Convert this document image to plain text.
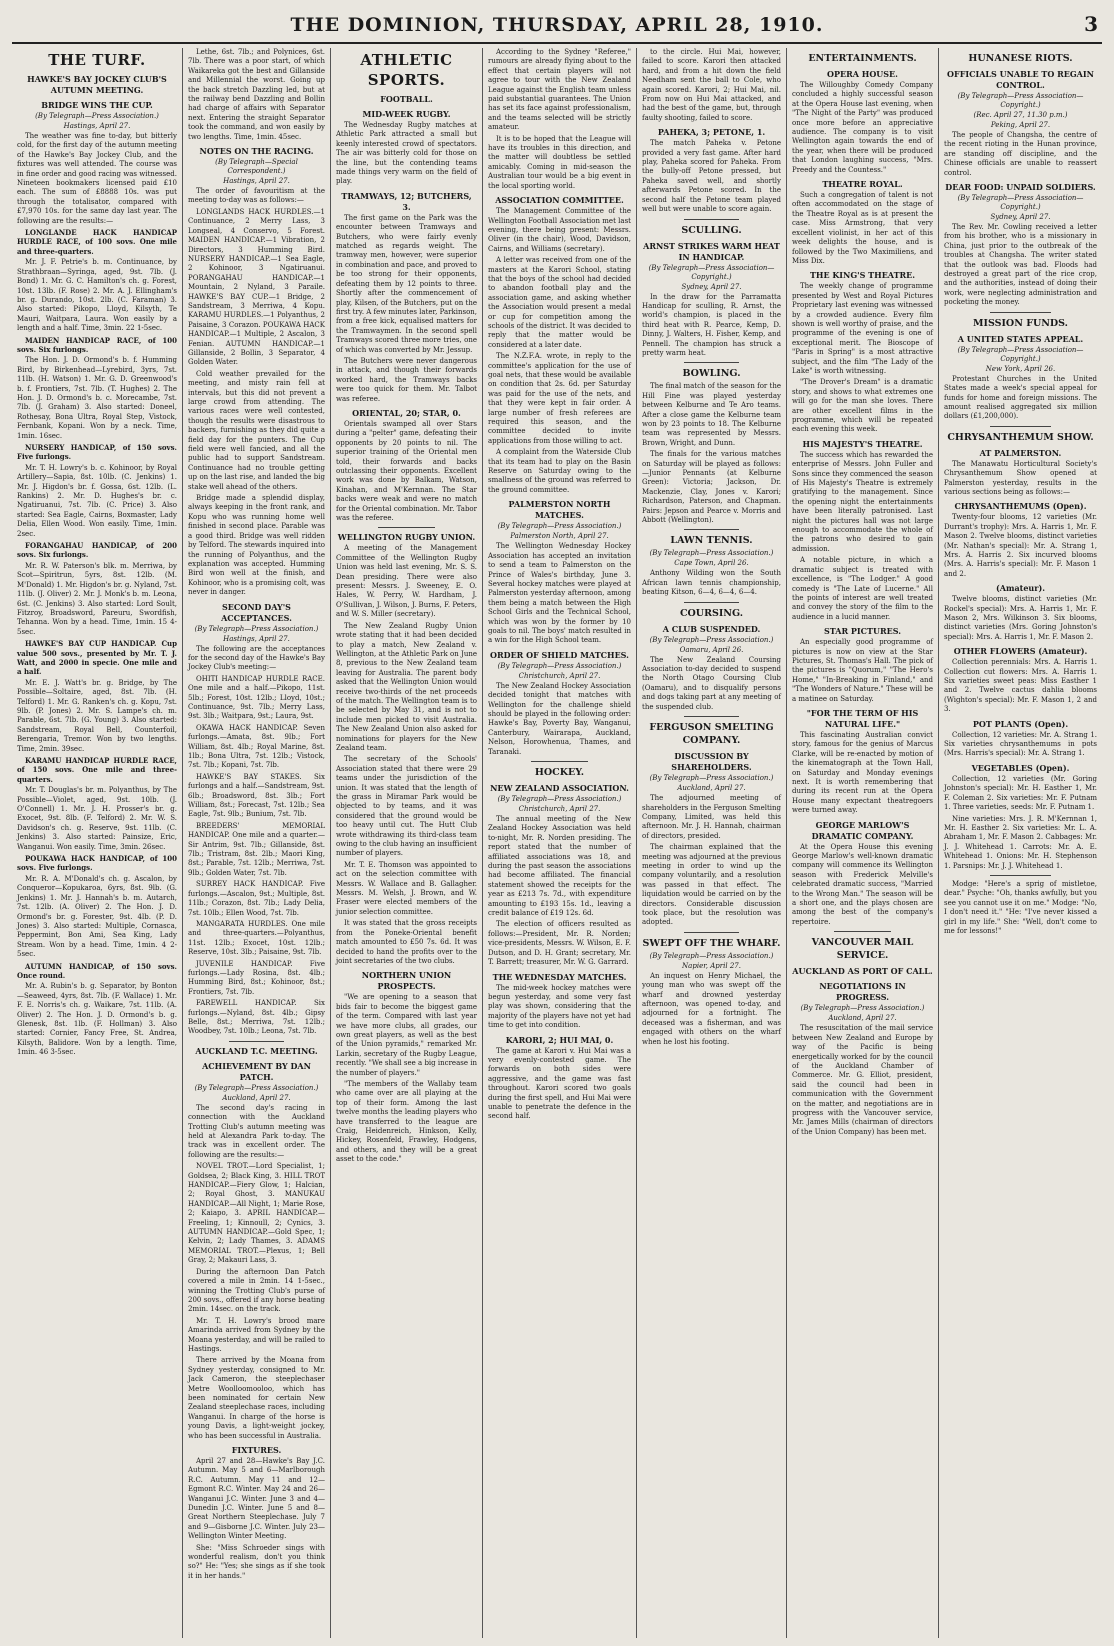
THE DOMINION, THURSDAY, APRIL 28, 1910.	3
THE TURF.
HAWKE'S BAY JOCKEY CLUB'S AUTUMN MEETING.
BRIDGE WINS THE CUP.
(By Telegraph—Press Association.)
Hastings, April 27.

The weather was fine to-day, but bitterly cold, for the first day of the autumn meeting of the Hawke's Bay Jockey Club, and the fixtures was well attended. The course was in fine order and good racing was witnessed. Nineteen bookmakers licensed paid £10 each. The sum of £8888 10s. was put through the totalisator, compared with £7,970 10s. for the same day last year. The following are the results:—

LONGLANDE HACK HANDICAP HURDLE RACE, of 100 sovs. One mile and three-quarters.

Mr. J. F. Petrie's b. m. Continuance, by Strathbraan—Syringa, aged, 9st. 7lb. (J. Bond) 1. Mr. G. C. Hamilton's ch. g. Forest, 10st. 13lb. (F. Rose) 2. Mr. A. J. Ellingham's br. g. Durando, 10st. 2lb. (C. Faraman) 3. Also started: Pikopo, Lloyd, Kilsyth, Te Mauri, Waitpara, Laura. Won easily by a length and a half. Time, 3min. 22 1-5sec.

MAIDEN HANDICAP RACE, of 100 sovs. Six furlongs.

The Hon. J. D. Ormond's b. f. Humming Bird, by Birkenhead—Lyrebird, 3yrs, 7st. 11lb. (H. Watson) 1. Mr. G. D. Greenwood's b. f. Frontiers, 7st. 7lb. (T. Hughes) 2. The Hon. J. D. Ormond's b. c. Morecambe, 7st. 7lb. (J. Graham) 3. Also started: Doneel, Rothesay, Bona Ultra, Royal Step, Vistock, Fernbank, Kopani. Won by a neck. Time, 1min. 16sec.

NURSERY HANDICAP, of 150 sovs. Five furlongs.

Mr. T. H. Lowry's b. c. Kohinoor, by Royal Artillery—Sapia, 8st. 10lb. (C. Jenkins) 1. Mr. J. Higdon's br. f. Gossa, 6st. 12lb. (L. Rankins) 2. Mr. D. Hughes's br. c. Ngatiruanui, 7st. 7lb. (C. Price) 3. Also started: Sea Eagle, Cairns, Boxmaster, Lady Delia, Ellen Wood. Won easily. Time, 1min. 2sec.

FORANGAHAU HANDICAP, of 200 sovs. Six furlongs.

Mr. R. W. Paterson's blk. m. Merriwa, by Scot—Spiritrun, 5yrs, 8st. 12lb. (M. M'Donald) 1. Mr. Higdon's br. g. Nyland, 7st. 11lb. (J. Oliver) 2. Mr. J. Monk's b. m. Leona, 6st. (C. Jenkins) 3. Also started: Lord Soult, Fitzroy, Broadsword, Pareuru, Swordfish, Tehanna. Won by a head. Time, 1min. 15 4-5sec.

HAWKE'S BAY CUP HANDICAP. Cup value 500 sovs., presented by Mr. T. J. Watt, and 2000 in specie. One mile and a half.

Mr. E. J. Watt's br. g. Bridge, by The Possible—Soltaire, aged, 8st. 7lb. (H. Telford) 1. Mr. G. Ranken's ch. g. Kopu, 7st. 9lb. (P. Jones) 2. Mr. S. Lampe's ch. m. Parable, 6st. 7lb. (G. Young) 3. Also started: Sandstream, Royal Bell, Counterfoil, Berengaria, Tremor. Won by two lengths. Time, 2min. 39sec.

KARAMU HANDICAP HURDLE RACE, of 150 sovs. One mile and three-quarters.

Mr. T. Douglas's br. m. Polyanthus, by The Possible—Violet, aged, 9st. 10lb. (J. O'Connell) 1. Mr. J. H. Prosser's br. g. Exocet, 9st. 8lb. (F. Telford) 2. Mr. W. S. Davidson's ch. g. Reserve, 9st. 11lb. (C. Jenkins) 3. Also started: Painsize, Eric, Wanganui. Won easily. Time, 3min. 26sec.

POUKAWA HACK HANDICAP, of 100 sovs. Five furlongs.

Mr. R. A. M'Donald's ch. g. Ascalon, by Conqueror—Kopukaroa, 6yrs, 8st. 9lb. (G. Jenkins) 1. Mr. J. Hannah's b. m. Autarch, 7st. 12lb. (A. Oliver) 2. The Hon. J. D. Ormond's br. g. Forester, 9st. 4lb. (P. D. Jones) 3. Also started: Multiple, Cornasca, Peppermint, Bon Ami, Sea King, Lady Stream. Won by a head. Time, 1min. 4 2-5sec.

AUTUMN HANDICAP, of 150 sovs. Once round.

Mr. A. Rubin's b. g. Separator, by Bonton—Seaweed, 4yrs, 8st. 7lb. (F. Wallace) 1. Mr. F. E. Norris's ch. g. Waikare, 7st. 11lb. (A. Oliver) 2. The Hon. J. D. Ormond's b. g. Glenesk, 8st. 1lb. (F. Hollman) 3. Also started: Cornier, Fancy Free, St. Andrea, Kilsyth, Balidore. Won by a length. Time, 1min. 46 3-5sec.

Lethe, 6st. 7lb.; and Polynices, 6st. 7lb. There was a poor start, of which Waikareka got the best and Gillanside and Millennial the worst. Going up the back stretch Dazzling led, but at the railway bend Dazzling and Bollin had charge of affairs with Separator next. Entering the straight Separator took the command, and won easily by two lengths. Time, 1min. 45sec.

NOTES ON THE RACING.
(By Telegraph—Special Correspondent.)
Hastings, April 27.

The order of favouritism at the meeting to-day was as follows:—

LONGLANDS HACK HURDLES.—1 Continuance, 2 Merry Lass, 3 Longseal, 4 Conservo, 5 Forest. MAIDEN HANDICAP.—1 Vibration, 2 Directors, 3 Humming Bird. NURSERY HANDICAP.—1 Sea Eagle, 2 Kohinoor, 3 Ngatiruanui. PORANGAHAU HANDICAP.—1 Mountain, 2 Nyland, 3 Paraile. HAWKE'S BAY CUP.—1 Bridge, 2 Sandstream, 3 Merriwa, 4 Kopu. KARAMU HURDLES.—1 Polyanthus, 2 Paisaine, 3 Corazon. POUKAWA HACK HANDICAP.—1 Multiple, 2 Ascalon, 3 Fenian. AUTUMN HANDICAP.—1 Gillanside, 2 Bollin, 3 Separator, 4 Golden Water.

Cold weather prevailed for the meeting, and misty rain fell at intervals, but this did not prevent a large crowd from attending. The various races were well contested, though the results were disastrous to backers, furnishing as they did quite a field day for the punters. The Cup field were well fancied, and all the public had to support Sandstream. Continuance had no trouble getting up on the last rise, and landed the big stake well ahead of the others.

Bridge made a splendid display, always keeping in the front rank, and Kopu who was running home well finished in second place. Parable was a good third. Bridge was well ridden by Telford. The stewards inquired into the running of Polyanthus, and the explanation was accepted. Humming Bird won well at the finish, and Kohinoor, who is a promising colt, was never in danger.

SECOND DAY'S ACCEPTANCES.
(By Telegraph—Press Association.)
Hastings, April 27.

The following are the acceptances for the second day of the Hawke's Bay Jockey Club's meeting:—

OHITI HANDICAP HURDLE RACE. One mile and a half.—Pikopo, 11st. 5lb.; Forest, 10st. 12lb.; Lloyd, 10st.; Continuance, 9st. 7lb.; Merry Lass, 9st. 3lb.; Waitpara, 9st.; Laura, 9st.

OKAWA HACK HANDICAP. Seven furlongs.—Amata, 8st. 9lb.; Fort William, 8st. 4lb.; Royal Marine, 8st. 1lb.; Bona Ultra, 7st. 12lb.; Vistock, 7st. 7lb.; Kopani, 7st. 7lb.

HAWKE'S BAY STAKES. Six furlongs and a half.—Sandstream, 9st. 6lb.; Broadsword, 8st. 3lb.; Fort William, 8st.; Forecast, 7st. 12lb.; Sea Eagle, 7st. 9lb.; Bunium, 7st. 7lb.

BREEDERS' MEMORIAL HANDICAP. One mile and a quarter.—Sir Antrim, 9st. 7lb.; Gillanside, 8st. 7lb.; Tristram, 8st. 2lb.; Maori King, 8st.; Parable, 7st. 12lb.; Merriwa, 7st. 9lb.; Golden Water, 7st. 7lb.

SURREY HACK HANDICAP. Five furlongs.—Ascalon, 9st.; Multiple, 8st. 11lb.; Corazon, 8st. 7lb.; Lady Delia, 7st. 10lb.; Ellen Wood, 7st. 7lb.

MANGARATA HURDLES. One mile and three-quarters.—Polyanthus, 11st. 12lb.; Exocet, 10st. 12lb.; Reserve, 10st. 3lb.; Paisaine, 9st. 7lb.

JUVENILE HANDICAP. Five furlongs.—Lady Rosina, 8st. 4lb.; Humming Bird, 8st.; Kohinoor, 8st.; Frontiers, 7st. 7lb.

FAREWELL HANDICAP. Six furlongs.—Nyland, 8st. 4lb.; Gipsy Belle, 8st.; Merriwa, 7st. 12lb.; Woodbey, 7st. 10lb.; Leona, 7st. 7lb.

AUCKLAND T.C. MEETING.
ACHIEVEMENT BY DAN PATCH.
(By Telegraph—Press Association.)
Auckland, April 27.

The second day's racing in connection with the Auckland Trotting Club's autumn meeting was held at Alexandra Park to-day. The track was in excellent order. The following are the results:—

NOVEL TROT.—Lord Specialist, 1; Goldsea, 2; Black King, 3. HILL TROT HANDICAP.—Fiery Glow, 1; Halcian, 2; Royal Ghost, 3. MANUKAU HANDICAP.—All Night, 1; Marie Rose, 2; Kaiapo, 3. APRIL HANDICAP.—Freeling, 1; Kinnoull, 2; Cynics, 3. AUTUMN HANDICAP.—Gold Spec, 1; Kelvin, 2; Lady Thames, 3. ADAMS MEMORIAL TROT.—Plexus, 1; Bell Gray, 2; Makauri Lass, 3.

During the afternoon Dan Patch covered a mile in 2min. 14 1-5sec., winning the Trotting Club's purse of 200 sovs., offered if any horse beating 2min. 14sec. on the track.

Mr. T. H. Lowry's brood mare Amarinda arrived from Sydney by the Moana yesterday, and will be railed to Hastings.

There arrived by the Moana from Sydney yesterday, consigned to Mr. Jack Cameron, the steeplechaser Metre Woolloomooloo, which has been nominated for certain New Zealand steeplechase races, including Wanganui. In charge of the horse is young Davis, a light-weight jockey, who has been successful in Australia.

FIXTURES.

April 27 and 28—Hawke's Bay J.C. Autumn. May 5 and 6—Marlborough R.C. Autumn. May 11 and 12—Egmont R.C. Winter. May 24 and 26—Wanganui J.C. Winter. June 3 and 4—Dunedin J.C. Winter. June 5 and 8—Great Northern Steeplechase. July 7 and 9—Gisborne J.C. Winter. July 23—Wellington Winter Meeting.

She: "Miss Schroeder sings with wonderful realism, don't you think so?" He: "Yes; she sings as if she took it in her hands."

ATHLETIC SPORTS.
FOOTBALL.
MID-WEEK RUGBY.

The Wednesday Rugby matches at Athletic Park attracted a small but keenly interested crowd of spectators. The air was bitterly cold for those on the line, but the contending teams made things very warm on the field of play.

TRAMWAYS, 12; BUTCHERS, 3.

The first game on the Park was the encounter between Tramways and Butchers, who were fairly evenly matched as regards weight. The tramway men, however, were superior in combination and pace, and proved to be too strong for their opponents, defeating them by 12 points to three. Shortly after the commencement of play, Kilsen, of the Butchers, put on the first try. A few minutes later, Parkinson, from a free kick, equalised matters for the Tramwaymen. In the second spell Tramways scored three more tries, one of which was converted by Mr. Jessup.

The Butchers were never dangerous in attack, and though their forwards worked hard, the Tramways backs were too quick for them. Mr. Talbot was referee.

ORIENTAL, 20; STAR, 0.

Orientals swamped all over Stars during a "pelter" game, defeating their opponents by 20 points to nil. The superior training of the Oriental men told, their forwards and backs outclassing their opponents. Excellent work was done by Balkam, Watson, Kinahan, and M'Kernnan. The Star backs were weak and were no match for the Oriental combination. Mr. Tabor was the referee.

WELLINGTON RUGBY UNION.

A meeting of the Management Committee of the Wellington Rugby Union was held last evening, Mr. S. S. Dean presiding. There were also present: Messrs. J. Sweeney, E. O. Hales, W. Perry, W. Hardham, J. O'Sullivan, J. Wilson, J. Burns, F. Peters, and W. S. Miller (secretary).

The New Zealand Rugby Union wrote stating that it had been decided to play a match, New Zealand v. Wellington, at the Athletic Park on June 8, previous to the New Zealand team leaving for Australia. The parent body asked that the Wellington Union would receive two-thirds of the net proceeds of the match. The Wellington team is to be selected by May 31, and is not to include men picked to visit Australia. The New Zealand Union also asked for nominations for players for the New Zealand team.

The secretary of the Schools' Association stated that there were 29 teams under the jurisdiction of the union. It was stated that the length of the grass in Miramar Park would be objected to by teams, and it was considered that the ground would be too heavy until cut. The Hutt Club wrote withdrawing its third-class team owing to the club having an insufficient number of players.

Mr. T. E. Thomson was appointed to act on the selection committee with Messrs. W. Wallace and B. Gallagher. Messrs. M. Welsh, J. Brown, and W. Fraser were elected members of the junior selection committee.

It was stated that the gross receipts from the Poneke-Oriental benefit match amounted to £50 7s. 6d. It was decided to hand the profits over to the joint secretaries of the two clubs.

NORTHERN UNION PROSPECTS.

"We are opening to a season that bids fair to become the biggest game of the term. Compared with last year we have more clubs, all grades, our own great players, as well as the best of the Union pyramids," remarked Mr. Larkin, secretary of the Rugby League, recently. "We shall see a big increase in the number of players."

"The members of the Wallaby team who came over are all playing at the top of their form. Among the last twelve months the leading players who have transferred to the league are Craig, Heidenreich, Hinkson, Kelly, Hickey, Rosenfeld, Frawley, Hodgens, and others, and they will be a great asset to the code."

According to the Sydney "Referee," rumours are already flying about to the effect that certain players will not agree to tour with the New Zealand League against the English team unless paid substantial guarantees. The Union has set its face against professionalism, and the teams selected will be strictly amateur.

It is to be hoped that the League will have its troubles in this direction, and the matter will doubtless be settled amicably. Coming in mid-season the Australian tour would be a big event in the local sporting world.

ASSOCIATION COMMITTEE.

The Management Committee of the Wellington Football Association met last evening, there being present: Messrs. Oliver (in the chair), Wood, Davidson, Cairns, and Williams (secretary).

A letter was received from one of the masters at the Karori School, stating that the boys of the school had decided to abandon football play and the association game, and asking whether the Association would present a medal or cup for competition among the schools of the district. It was decided to reply that the matter would be considered at a later date.

The N.Z.F.A. wrote, in reply to the committee's application for the use of goal nets, that these would be available on condition that 2s. 6d. per Saturday was paid for the use of the nets, and that they were kept in fair order. A large number of fresh referees are required this season, and the committee decided to invite applications from those willing to act.

A complaint from the Waterside Club that its team had to play on the Basin Reserve on Saturday owing to the smallness of the ground was referred to the ground committee.

PALMERSTON NORTH MATCHES.
(By Telegraph—Press Association.)
Palmerston North, April 27.

The Wellington Wednesday Hockey Association has accepted an invitation to send a team to Palmerston on the Prince of Wales's birthday, June 3. Several hockey matches were played at Palmerston yesterday afternoon, among them being a match between the High School Girls and the Technical School, which was won by the former by 10 goals to nil. The boys' match resulted in a win for the High School team.

ORDER OF SHIELD MATCHES.
(By Telegraph—Press Association.)
Christchurch, April 27.

The New Zealand Hockey Association decided tonight that matches with Wellington for the challenge shield should be played in the following order: Hawke's Bay, Poverty Bay, Wanganui, Canterbury, Wairarapa, Auckland, Nelson, Horowhenua, Thames, and Taranaki.

HOCKEY.
NEW ZEALAND ASSOCIATION.
(By Telegraph—Press Association.)
Christchurch, April 27.

The annual meeting of the New Zealand Hockey Association was held to-night, Mr. R. Norden presiding. The report stated that the number of affiliated associations was 18, and during the past season the associations had become affiliated. The financial statement showed the receipts for the year as £213 7s. 7d., with expenditure amounting to £193 15s. 1d., leaving a credit balance of £19 12s. 6d.

The election of officers resulted as follows:—President, Mr. R. Norden; vice-presidents, Messrs. W. Wilson, E. F. Dutson, and D. H. Grant; secretary, Mr. T. Barrett; treasurer, Mr. W. G. Garrard.

THE WEDNESDAY MATCHES.

The mid-week hockey matches were begun yesterday, and some very fast play was shown, considering that the majority of the players have not yet had time to get into condition.

KARORI, 2; HUI MAI, 0.

The game at Karori v. Hui Mai was a very evenly-contested game. The forwards on both sides were aggressive, and the game was fast throughout. Karori scored two goals during the first spell, and Hui Mai were unable to penetrate the defence in the second half.

to the circle. Hui Mai, however, failed to score. Karori then attacked hard, and from a hit down the field Needham sent the ball to Cole, who again scored. Karori, 2; Hui Mai, nil. From now on Hui Mai attacked, and had the best of the game, but, through faulty shooting, failed to score.

PAHEKA, 3; PETONE, 1.

The match Paheka v. Petone provided a very fast game. After hard play, Paheka scored for Paheka. From the bully-off Petone pressed, but Paheka saved well, and shortly afterwards Petone scored. In the second half the Petone team played well but were unable to score again.

SCULLING.
ARNST STRIKES WARM HEAT IN HANDICAP.
(By Telegraph—Press Association—Copyright.)
Sydney, April 27.

In the draw for the Parramatta Handicap for sculling, R. Arnst, the world's champion, is placed in the third heat with R. Pearce, Kemp, D. Dinny, J. Walters, H. Fisher, Kemp, and Pennell. The champion has struck a pretty warm heat.

BOWLING.

The final match of the season for the Hill Fine was played yesterday between Kelburne and Te Aro teams. After a close game the Kelburne team won by 23 points to 18. The Kelburne team was represented by Messrs. Brown, Wright, and Dunn.

The finals for the various matches on Saturday will be played as follows:—Junior Pennants (at Kelburne Green): Victoria; Jackson, Dr. Mackenzie, Clay, Jones v. Karori; Richardson, Paterson, and Chapman. Pairs: Jepson and Pearce v. Morris and Abbott (Wellington).

LAWN TENNIS.
(By Telegraph—Press Association.)
Cape Town, April 26.

Anthony Wilding won the South African lawn tennis championship, beating Kitson, 6—4, 6—4, 6—4.

COURSING.
A CLUB SUSPENDED.
(By Telegraph—Press Association.)
Oamaru, April 26.

The New Zealand Coursing Association to-day decided to suspend the North Otago Coursing Club (Oamaru), and to disqualify persons and dogs taking part at any meeting of the suspended club.

FERGUSON SMELTING COMPANY.
DISCUSSION BY SHAREHOLDERS.
(By Telegraph—Press Association.)
Auckland, April 27.

The adjourned meeting of shareholders in the Ferguson Smelting Company, Limited, was held this afternoon. Mr. J. H. Hannah, chairman of directors, presided.

The chairman explained that the meeting was adjourned at the previous meeting in order to wind up the company voluntarily, and a resolution was passed in that effect. The liquidation would be carried on by the directors. Considerable discussion took place, but the resolution was adopted.

SWEPT OFF THE WHARF.
(By Telegraph—Press Association.)
Napier, April 27.

An inquest on Henry Michael, the young man who was swept off the wharf and drowned yesterday afternoon, was opened to-day, and adjourned for a fortnight. The deceased was a fisherman, and was engaged with others on the wharf when he lost his footing.

ENTERTAINMENTS.
OPERA HOUSE.

The Willoughby Comedy Company concluded a highly successful season at the Opera House last evening, when "The Night of the Party" was produced once more before an appreciative audience. The company is to visit Wellington again towards the end of the year, when there will be produced that London laughing success, "Mrs. Preedy and the Countess."

THEATRE ROYAL.

Such a congregation of talent is not often accommodated on the stage of the Theatre Royal as is at present the case. Miss Armstrong, that very excellent violinist, in her act of this week delights the house, and is followed by the Two Maximiliens, and Miss Dix.

THE KING'S THEATRE.

The weekly change of programme presented by West and Royal Pictures Proprietary last evening was witnessed by a crowded audience. Every film shown is well worthy of praise, and the programme of the evening is one of exceptional merit. The Bioscope of "Paris in Spring" is a most attractive subject, and the film "The Lady of the Lake" is worth witnessing.

"The Drover's Dream" is a dramatic story, and shows to what extremes one will go for the man she loves. There are other excellent films in the programme, which will be repeated each evening this week.

HIS MAJESTY'S THEATRE.

The success which has rewarded the enterprise of Messrs. John Fuller and Sons since they commenced the season of His Majesty's Theatre is extremely gratifying to the management. Since the opening night the entertainments have been literally patronised. Last night the pictures hall was not large enough to accommodate the whole of the patrons who desired to gain admission.

A notable picture, in which a dramatic subject is treated with excellence, is "The Lodger." A good comedy is "The Late of Lucerne." All the points of interest are well treated and convey the story of the film to the audience in a lucid manner.

STAR PICTURES.

An especially good programme of pictures is now on view at the Star Pictures, St. Thomas's Hall. The pick of the pictures is "Quorum," "The Hero's Home," "In-Breaking in Finland," and "The Wonders of Nature." These will be a matinee on Saturday.

"FOR THE TERM OF HIS NATURAL LIFE."

This fascinating Australian convict story, famous for the genius of Marcus Clarke, will be re-enacted by motion of the kinematograph at the Town Hall, on Saturday and Monday evenings next. It is worth remembering that during its recent run at the Opera House many expectant theatregoers were turned away.

GEORGE MARLOW'S DRAMATIC COMPANY.

At the Opera House this evening George Marlow's well-known dramatic company will commence its Wellington season with Frederick Melville's celebrated dramatic success, "Married to the Wrong Man." The season will be a short one, and the plays chosen are among the best of the company's repertoire.

VANCOUVER MAIL SERVICE.
AUCKLAND AS PORT OF CALL.
NEGOTIATIONS IN PROGRESS.
(By Telegraph—Press Association.)
Auckland, April 27.

The resuscitation of the mail service between New Zealand and Europe by way of the Pacific is being energetically worked for by the council of the Auckland Chamber of Commerce. Mr. G. Elliot, president, said the council had been in communication with the Government on the matter, and negotiations are in progress with the Vancouver service, Mr. James Mills (chairman of directors of the Union Company) has been met.

HUNANESE RIOTS.
OFFICIALS UNABLE TO REGAIN CONTROL.
(By Telegraph—Press Association—Copyright.)
(Rec. April 27, 11.30 p.m.)
Peking, April 27.

The people of Changsha, the centre of the recent rioting in the Hunan province, are standing off discipline, and the Chinese officials are unable to reassert control.

DEAR FOOD: UNPAID SOLDIERS.
(By Telegraph—Press Association—Copyright.)
Sydney, April 27.

The Rev. Mr. Cowling received a letter from his brother, who is a missionary in China, just prior to the outbreak of the troubles at Changsha. The writer stated that the outlook was bad. Floods had destroyed a great part of the rice crop, and the authorities, instead of doing their work, were neglecting administration and pocketing the money.

MISSION FUNDS.
A UNITED STATES APPEAL.
(By Telegraph—Press Association—Copyright.)
New York, April 26.

Protestant Churches in the United States made a week's special appeal for funds for home and foreign missions. The amount realised aggregated six million dollars (£1,200,000).

CHRYSANTHEMUM SHOW.
AT PALMERSTON.

The Manawatu Horticultural Society's Chrysanthemum Show opened at Palmerston yesterday, results in the various sections being as follows:—

CHRYSANTHEMUMS (Open).

Twenty-four blooms, 12 varieties (Mr. Durrant's trophy): Mrs. A. Harris 1, Mr. F. Mason 2. Twelve blooms, distinct varieties (Mr. Nathan's special): Mr. A. Strang 1, Mrs. A. Harris 2. Six incurved blooms (Mrs. A. Harris's special): Mr. F. Mason 1 and 2.

(Amateur).

Twelve blooms, distinct varieties (Mr. Rockel's special): Mrs. A. Harris 1, Mr. F. Mason 2, Mrs. Wilkinson 3. Six blooms, distinct varieties (Mrs. Goring Johnston's special): Mrs. A. Harris 1, Mr. F. Mason 2.

OTHER FLOWERS (Amateur).

Collection perennials: Mrs. A. Harris 1. Collection cut flowers: Mrs. A. Harris 1. Six varieties sweet peas: Miss Easther 1 and 2. Twelve cactus dahlia blooms (Wighton's special): Mr. F. Mason 1, 2 and 3.

POT PLANTS (Open).

Collection, 12 varieties: Mr. A. Strang 1. Six varieties chrysanthemums in pots (Mrs. Harris's special): Mr. A. Strang 1.

VEGETABLES (Open).

Collection, 12 varieties (Mr. Goring Johnston's special): Mr. H. Easther 1, Mr. F. Coleman 2. Six varieties: Mr. F. Putnam 1. Three varieties, seeds: Mr. F. Putnam 1.

Nine varieties: Mrs. J. R. M'Kernnan 1, Mr. H. Easther 2. Six varieties: Mr. L. A. Abraham 1, Mr. F. Mason 2. Cabbages: Mr. J. J. Whitehead 1. Carrots: Mr. A. E. Whitehead 1. Onions: Mr. H. Stephenson 1. Parsnips: Mr. J. J. Whitehead 1.

Modge: "Here's a sprig of mistletoe, dear." Psyche: "Oh, thanks awfully, but you see you cannot use it on me." Modge: "No, I don't need it." "He: "I've never kissed a girl in my life." She: "Well, don't come to me for lessons!"
